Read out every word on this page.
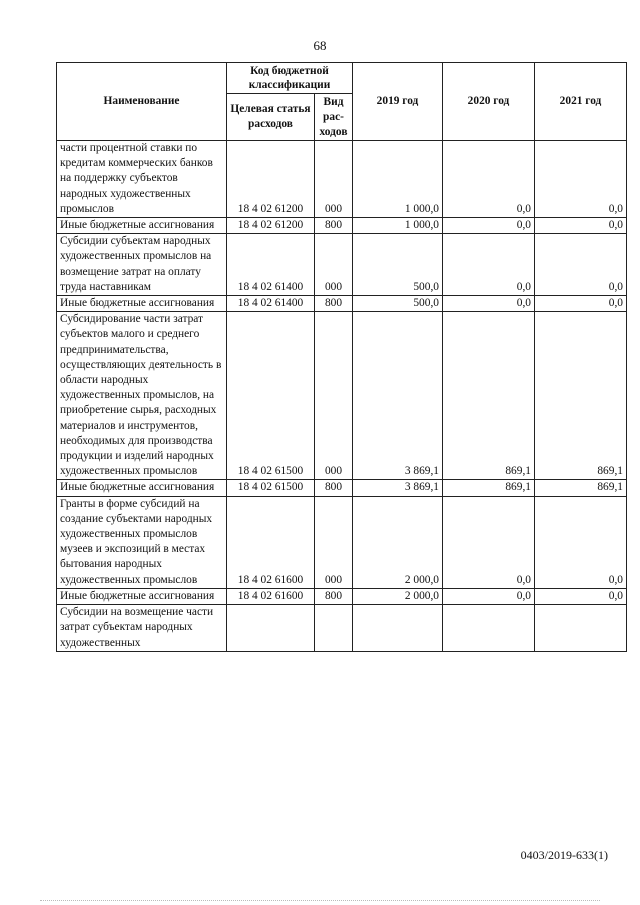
68
Наименование	Код бюджетной классификации		2019 год	2020 год	2021 год
	Целевая статья расходов	Вид рас-ходов			
части процентной ставки по кредитам коммерческих банков на поддержку субъектов народных художественных промыслов	18 4 02 61200	000	1 000,0	0,0	0,0
Иные бюджетные ассигнования	18 4 02 61200	800	1 000,0	0,0	0,0
Субсидии субъектам народных художественных промыслов на возмещение затрат на оплату труда наставникам	18 4 02 61400	000	500,0	0,0	0,0
Иные бюджетные ассигнования	18 4 02 61400	800	500,0	0,0	0,0
Субсидирование части затрат субъектов малого и среднего предпринимательства, осуществляющих деятельность в области народных художественных промыслов, на приобретение сырья, расходных материалов и инструментов, необходимых для производства продукции и изделий народных художественных промыслов	18 4 02 61500	000	3 869,1	869,1	869,1
Иные бюджетные ассигнования	18 4 02 61500	800	3 869,1	869,1	869,1
Гранты в форме субсидий на создание субъектами народных художественных промыслов музеев и экспозиций в местах бытования народных художественных промыслов	18 4 02 61600	000	2 000,0	0,0	0,0
Иные бюджетные ассигнования	18 4 02 61600	800	2 000,0	0,0	0,0
Субсидии на возмещение части затрат субъектам народных художественных					
0403/2019-633(1)
